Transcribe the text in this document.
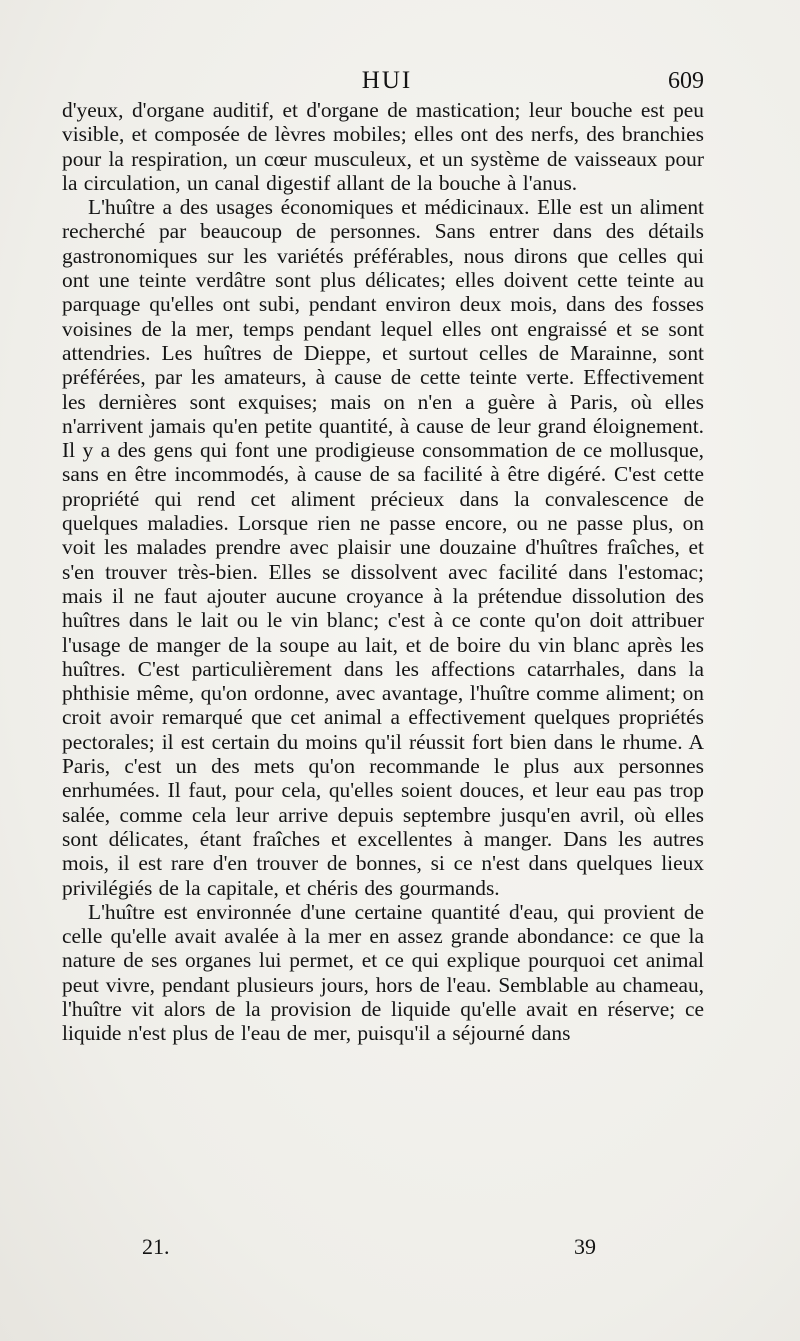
HUI	609

d'yeux, d'organe auditif, et d'organe de mastication; leur bouche est peu visible, et composée de lèvres mobiles; elles ont des nerfs, des branchies pour la respiration, un cœur musculeux, et un système de vaisseaux pour la circulation, un canal digestif allant de la bouche à l'anus.

L'huître a des usages économiques et médicinaux. Elle est un aliment recherché par beaucoup de personnes. Sans entrer dans des détails gastronomiques sur les variétés préférables, nous dirons que celles qui ont une teinte verdâtre sont plus délicates; elles doivent cette teinte au parquage qu'elles ont subi, pendant environ deux mois, dans des fosses voisines de la mer, temps pendant lequel elles ont engraissé et se sont attendries. Les huîtres de Dieppe, et surtout celles de Marainne, sont préférées, par les amateurs, à cause de cette teinte verte. Effectivement les dernières sont exquises; mais on n'en a guère à Paris, où elles n'arrivent jamais qu'en petite quantité, à cause de leur grand éloignement. Il y a des gens qui font une prodigieuse consommation de ce mollusque, sans en être incommodés, à cause de sa facilité à être digéré. C'est cette propriété qui rend cet aliment précieux dans la convalescence de quelques maladies. Lorsque rien ne passe encore, ou ne passe plus, on voit les malades prendre avec plaisir une douzaine d'huîtres fraîches, et s'en trouver très-bien. Elles se dissolvent avec facilité dans l'estomac; mais il ne faut ajouter aucune croyance à la prétendue dissolution des huîtres dans le lait ou le vin blanc; c'est à ce conte qu'on doit attribuer l'usage de manger de la soupe au lait, et de boire du vin blanc après les huîtres. C'est particulièrement dans les affections catarrhales, dans la phthisie même, qu'on ordonne, avec avantage, l'huître comme aliment; on croit avoir remarqué que cet animal a effectivement quelques propriétés pectorales; il est certain du moins qu'il réussit fort bien dans le rhume. A Paris, c'est un des mets qu'on recommande le plus aux personnes enrhumées. Il faut, pour cela, qu'elles soient douces, et leur eau pas trop salée, comme cela leur arrive depuis septembre jusqu'en avril, où elles sont délicates, étant fraîches et excellentes à manger. Dans les autres mois, il est rare d'en trouver de bonnes, si ce n'est dans quelques lieux privilégiés de la capitale, et chéris des gourmands.

L'huître est environnée d'une certaine quantité d'eau, qui provient de celle qu'elle avait avalée à la mer en assez grande abondance: ce que la nature de ses organes lui permet, et ce qui explique pourquoi cet animal peut vivre, pendant plusieurs jours, hors de l'eau. Semblable au chameau, l'huître vit alors de la provision de liquide qu'elle avait en réserve; ce liquide n'est plus de l'eau de mer, puisqu'il a séjourné dans

21.	39
